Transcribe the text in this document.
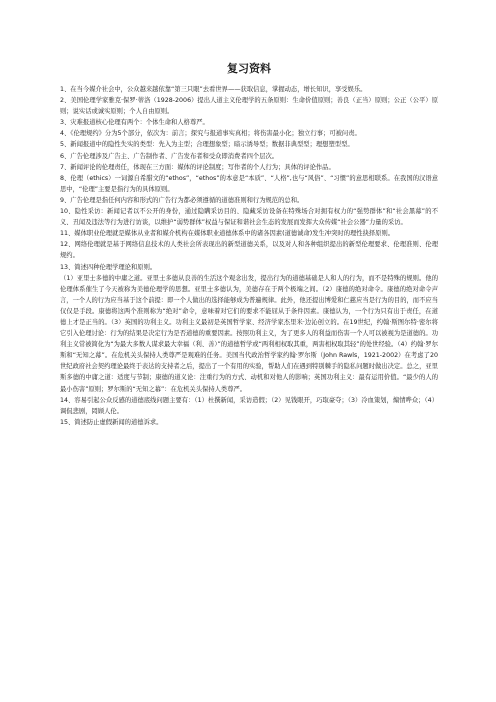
复习资料

1、在当今媒介社会中，公众越来越依靠“第三只眼”去看世界——获取信息，掌握动态，增长知识，享受娱乐。

2、美国伦理学家雅克·保罗·蒂洛（1928-2006）提出人道主义伦理学的五条原则：生命价值原则；善良（正当）原则；公正（公平）原则；说实话或诚实原则；个人自由原则。

3、灾难报道核心伦理有两个：个体生命和人格尊严。

4、《伦理规约》分为5个部分，依次为：前言；探究与报道事实真相；将伤害最小化；独立行事；可被问责。

5、新闻报道中的隐性失实的类型：先入为主型；合理想象型；暗示诱导型；数据非典型型；理想塑型型。

6、广告伦理涉及广告主、广告制作者、广告发布者和受众即消费者四个层次。

7、新闻评论的伦理责任，体现在三方面：媒体的评论制度；写作者的个人行为；具体的评论作品。

8、伦理（ethics）一词源自希腊文的“ethos”，“ethos”的本意是“本质”、“人格”,也与“风俗”、“习惯”的意思相联系。在我国的汉语意思中，“伦理”主要是指行为的具体原则。

9、广告伦理是指任何内容和形式的广告行为都必须遵循的道德准则和行为规范的总和。

10、隐性采访：新闻记者以不公开的身份，通过隐瞒采访目的、隐藏采访设备在特殊场合对拥有权力的“强势群体”和“社会黑幕”的不义、丑闻及违法等行为进行访谈，以维护“弱势群体”权益与保证和谐社会生态的发展而发挥大众传媒“社会公器”力量的采访。

11、媒体职业伦理就是媒体从业者和媒介机构在媒体职业道德体系中的诸各因素(道德诚命)发生冲突时的理性抉择原则。

12、网络伦理就是基于网络信息技术的人类社会所表现出的新型道德关系，以及对人和各种组织提出的新型伦理要求、伦理准则、伦理规约。

13、简述四种伦理学理论和原则。

（1）亚里士多德的中庸之道。亚里士多德从良善的生活这个观念出发，提出行为的道德基础是人和人的行为，而不是特殊的规则。他的伦理体系催生了今天被称为美德伦理学的思想。亚里士多德认为，美德存在于两个极端之间。（2）康德的绝对命令。康德的绝对命令声言，一个人的行为应当基于这个前提：即一个人做出的选择能够成为普遍规律。此外，他还提出博爱和仁慈应当是行为的目的，而不应当仅仅是手段。康德将这两个准则称为“绝对”命令，意味着对它们的要求不能屈从于条件因素。康德认为，一个行为只有出于责任，在道德上才是正当的。（3）英国的功利主义。功利主义最初是英国哲学家、经济学家杰里米·边沁创立的。在19世纪，约翰·斯图尔特·密尔将它引入伦理讨论：行为的结果是决定行为是否道德的重要因素。按照功利主义，为了更多人的利益而伤害一个人可以被视为是道德的。功利主义常被简化为“为最大多数人谋求最大幸福（利、善）”的道德哲学或“两利相权取其重，两害相权取其轻”的处世经验。（4）约翰·罗尔斯和“无知之幕”。在危机关头保持人类尊严是观难的任务。美国当代政治哲学家约翰·罗尔斯（John Rawls，1921-2002）在考虑了20世纪政府社会契约理论最终于表达的支持者之后，提出了一个有用的实验，帮助人们在遇到特别棘手的隐私问题时做出决定。总之，亚里斯多德的中庸之道：适度与节制；康德的道义论：注重行为的方式、动机和对他人的影响；英国功利主义：最有运用价值。“最少的人的最小伤害”原则；罗尔斯的“无知之幕”：在危机关头保持人类尊严。

14、容易引起公众反感的道德底线问题主要有：（1）杜撰新闻，采访造假；（2）见钱眼开，巧取豪夺；（3）冷血策划，煽情哗众；（4）调侃悲剧，罔顾人伦。

15、简述防止虚假新闻的道德诉求。
